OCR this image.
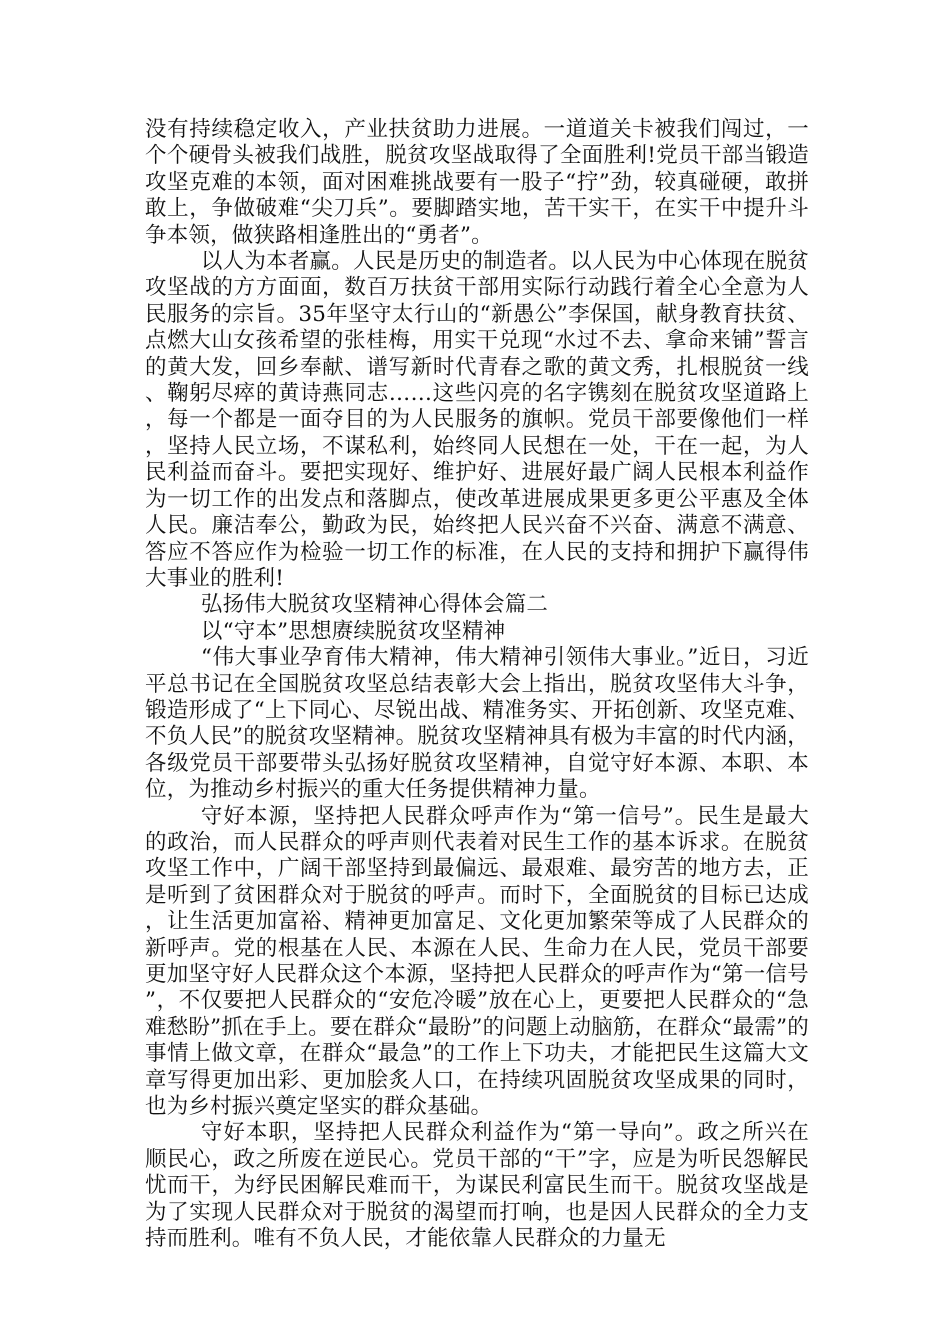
没有持续稳定收入，产业扶贫助力进展。一道道关卡被我们闯过，一个个硬骨头被我们战胜，脱贫攻坚战取得了全面胜利!党员干部当锻造攻坚克难的本领，面对困难挑战要有一股子“拧”劲，较真碰硬，敢拼敢上，争做破难“尖刀兵”。要脚踏实地，苦干实干，在实干中提升斗争本领，做狭路相逢胜出的“勇者”。

以人为本者赢。人民是历史的制造者。以人民为中心体现在脱贫攻坚战的方方面面，数百万扶贫干部用实际行动践行着全心全意为人民服务的宗旨。35年坚守太行山的“新愚公”李保国，献身教育扶贫、点燃大山女孩希望的张桂梅，用实干兑现“水过不去、拿命来铺”誓言的黄大发，回乡奉献、谱写新时代青春之歌的黄文秀，扎根脱贫一线、鞠躬尽瘁的黄诗燕同志……这些闪亮的名字镌刻在脱贫攻坚道路上，每一个都是一面夺目的为人民服务的旗帜。党员干部要像他们一样，坚持人民立场，不谋私利，始终同人民想在一处，干在一起，为人民利益而奋斗。要把实现好、维护好、进展好最广阔人民根本利益作为一切工作的出发点和落脚点，使改革进展成果更多更公平惠及全体人民。廉洁奉公，勤政为民，始终把人民兴奋不兴奋、满意不满意、答应不答应作为检验一切工作的标准，在人民的支持和拥护下赢得伟大事业的胜利!

弘扬伟大脱贫攻坚精神心得体会篇二
以“守本”思想赓续脱贫攻坚精神

“伟大事业孕育伟大精神，伟大精神引领伟大事业。”近日，习近平总书记在全国脱贫攻坚总结表彰大会上指出，脱贫攻坚伟大斗争，锻造形成了“上下同心、尽锐出战、精准务实、开拓创新、攻坚克难、不负人民”的脱贫攻坚精神。脱贫攻坚精神具有极为丰富的时代内涵，各级党员干部要带头弘扬好脱贫攻坚精神，自觉守好本源、本职、本位，为推动乡村振兴的重大任务提供精神力量。

守好本源，坚持把人民群众呼声作为“第一信号”。民生是最大的政治，而人民群众的呼声则代表着对民生工作的基本诉求。在脱贫攻坚工作中，广阔干部坚持到最偏远、最艰难、最穷苦的地方去，正是听到了贫困群众对于脱贫的呼声。而时下，全面脱贫的目标已达成，让生活更加富裕、精神更加富足、文化更加繁荣等成了人民群众的新呼声。党的根基在人民、本源在人民、生命力在人民，党员干部要更加坚守好人民群众这个本源，坚持把人民群众的呼声作为“第一信号”，不仅要把人民群众的“安危冷暖”放在心上，更要把人民群众的“急难愁盼”抓在手上。要在群众“最盼”的问题上动脑筋，在群众“最需”的事情上做文章，在群众“最急”的工作上下功夫，才能把民生这篇大文章写得更加出彩、更加脍炙人口，在持续巩固脱贫攻坚成果的同时，也为乡村振兴奠定坚实的群众基础。

守好本职，坚持把人民群众利益作为“第一导向”。政之所兴在顺民心，政之所废在逆民心。党员干部的“干”字，应是为听民怨解民忧而干，为纾民困解民难而干，为谋民利富民生而干。脱贫攻坚战是为了实现人民群众对于脱贫的渴望而打响，也是因人民群众的全力支持而胜利。唯有不负人民，才能依靠人民群众的力量无
